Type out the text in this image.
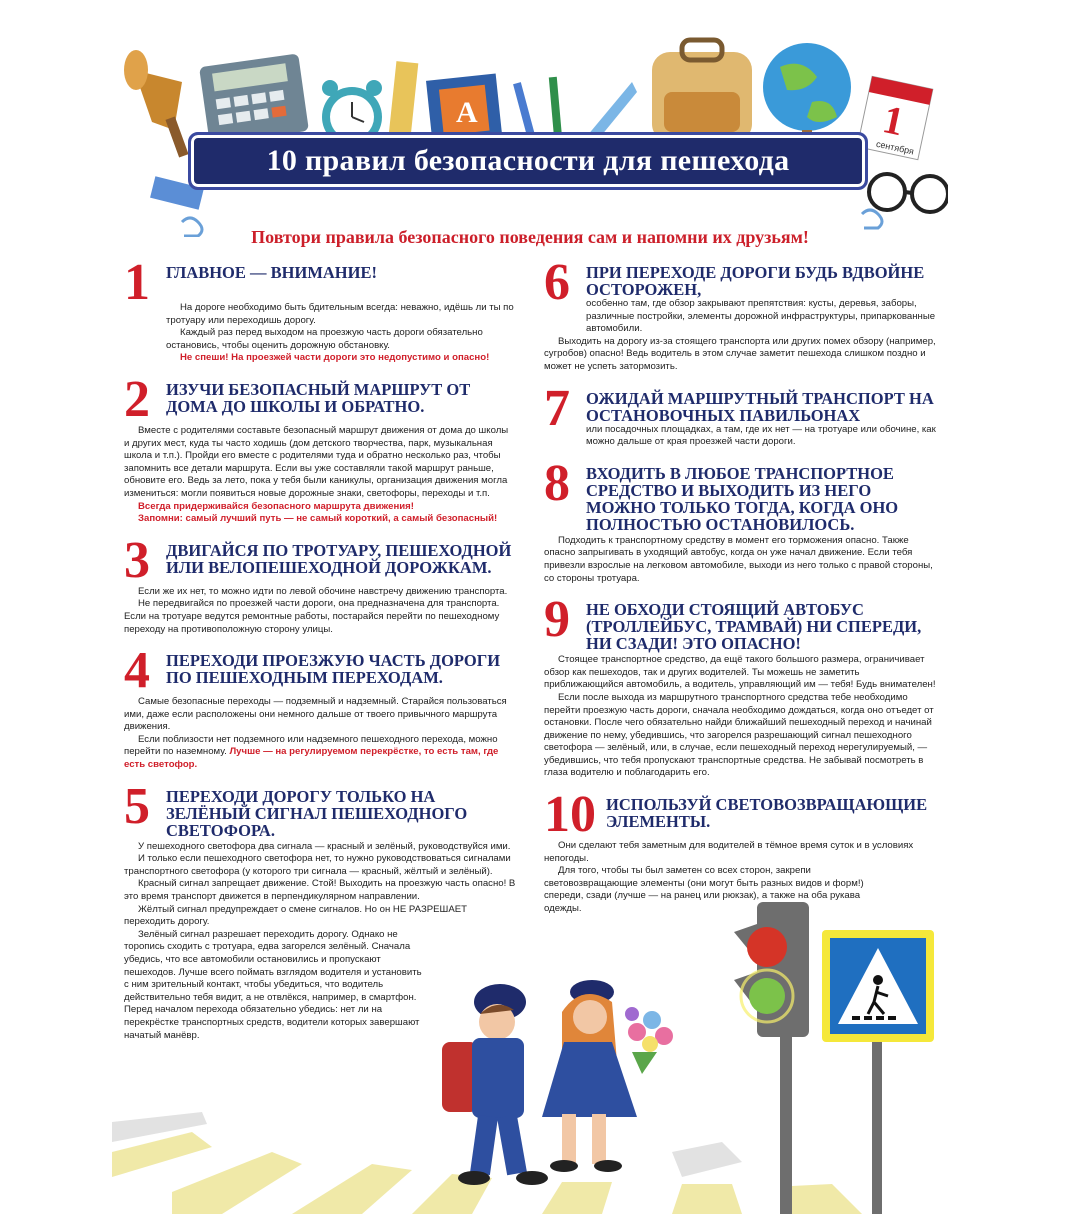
A	1
сентября
10 правил безопасности для пешехода
Повтори правила безопасного поведения сам и напомни их друзьям!
1 ГЛАВНОЕ — ВНИМАНИЕ!

На дороге необходимо быть бдительным всегда: неважно, идёшь ли ты по тротуару или переходишь дорогу.

Каждый раз перед выходом на проезжую часть дороги обязательно остановись, чтобы оценить дорожную обстановку.

Не спеши! На проезжей части дороги это недопустимо и опасно!

2 ИЗУЧИ БЕЗОПАСНЫЙ МАРШРУТ ОТ ДОМА ДО ШКОЛЫ И ОБРАТНО.

Вместе с родителями составьте безопасный маршрут движения от дома до школы и других мест, куда ты часто ходишь (дом детского творчества, парк, музыкальная школа и т.п.). Пройди его вместе с родителями туда и обратно несколько раз, чтобы запомнить все детали маршрута. Если вы уже составляли такой маршрут раньше, обновите его. Ведь за лето, пока у тебя были каникулы, организация движения могла измениться: могли появиться новые дорожные знаки, светофоры, переходы и т.п.

Всегда придерживайся безопасного маршрута движения!

Запомни: самый лучший путь — не самый короткий, а самый безопасный!

3 ДВИГАЙСЯ ПО ТРОТУАРУ, ПЕШЕХОДНОЙ ИЛИ ВЕЛОПЕШЕХОДНОЙ ДОРОЖКАМ.

Если же их нет, то можно идти по левой обочине навстречу движению транспорта.

Не передвигайся по проезжей части дороги, она предназначена для транспорта. Если на тротуаре ведутся ремонтные работы, постарайся перейти по пешеходному переходу на противоположную сторону улицы.

4 ПЕРЕХОДИ ПРОЕЗЖУЮ ЧАСТЬ ДОРОГИ ПО ПЕШЕХОДНЫМ ПЕРЕХОДАМ.

Самые безопасные переходы — подземный и надземный. Старайся пользоваться ими, даже если расположены они немного дальше от твоего привычного маршрута движения.

Если поблизости нет подземного или надземного пешеходного перехода, можно перейти по наземному. Лучше — на регулируемом перекрёстке, то есть там, где есть светофор.

5 ПЕРЕХОДИ ДОРОГУ ТОЛЬКО НА ЗЕЛЁНЫЙ СИГНАЛ ПЕШЕХОДНОГО СВЕТОФОРА.

У пешеходного светофора два сигнала — красный и зелёный, руководствуйся ими.

И только если пешеходного светофора нет, то нужно руководствоваться сигналами транспортного светофора (у которого три сигнала — красный, жёлтый и зелёный).

Красный сигнал запрещает движение. Стой! Выходить на проезжую часть опасно! В это время транспорт движется в перпендикулярном направлении.

Жёлтый сигнал предупреждает о смене сигналов. Но он НЕ РАЗРЕШАЕТ переходить дорогу.

Зелёный сигнал разрешает переходить дорогу. Однако не торопись сходить с тротуара, едва загорелся зелёный. Сначала убедись, что все автомобили остановились и пропускают пешеходов. Лучше всего поймать взглядом водителя и установить с ним зрительный контакт, чтобы убедиться, что водитель действительно тебя видит, а не отвлёкся, например, в смартфон. Перед началом перехода обязательно убедись: нет ли на перекрёстке транспортных средств, водители которых завершают начатый манёвр.

6 ПРИ ПЕРЕХОДЕ ДОРОГИ БУДЬ ВДВОЙНЕ ОСТОРОЖЕН,
особенно там, где обзор закрывают препятствия: кусты, деревья, заборы, различные постройки, элементы дорожной инфраструктуры, припаркованные автомобили.

Выходить на дорогу из-за стоящего транспорта или других помех обзору (например, сугробов) опасно! Ведь водитель в этом случае заметит пешехода слишком поздно и может не успеть затормозить.

7 ОЖИДАЙ МАРШРУТНЫЙ ТРАНСПОРТ НА ОСТАНОВОЧНЫХ ПАВИЛЬОНАХ
или посадочных площадках, а там, где их нет — на тротуаре или обочине, как можно дальше от края проезжей части дороги.
8 ВХОДИТЬ В ЛЮБОЕ ТРАНСПОРТНОЕ СРЕДСТВО И ВЫХОДИТЬ ИЗ НЕГО МОЖНО ТОЛЬКО ТОГДА, КОГДА ОНО ПОЛНОСТЬЮ ОСТАНОВИЛОСЬ.

Подходить к транспортному средству в момент его торможения опасно. Также опасно запрыгивать в уходящий автобус, когда он уже начал движение. Если тебя привезли взрослые на легковом автомобиле, выходи из него только с правой стороны, со стороны тротуара.

9 НЕ ОБХОДИ СТОЯЩИЙ АВТОБУС (ТРОЛЛЕЙБУС, ТРАМВАЙ) НИ СПЕРЕДИ, НИ СЗАДИ! ЭТО ОПАСНО!

Стоящее транспортное средство, да ещё такого большого размера, ограничивает обзор как пешеходов, так и других водителей. Ты можешь не заметить приближающийся автомобиль, а водитель, управляющий им — тебя! Будь внимателен!

Если после выхода из маршрутного транспортного средства тебе необходимо перейти проезжую часть дороги, сначала необходимо дождаться, когда оно отъедет от остановки. После чего обязательно найди ближайший пешеходный переход и начинай движение по нему, убедившись, что загорелся разрешающий сигнал пешеходного светофора — зелёный, или, в случае, если пешеходный переход нерегулируемый, — убедившись, что тебя пропускают транспортные средства. Не забывай посмотреть в глаза водителю и поблагодарить его.

10 ИСПОЛЬЗУЙ СВЕТОВОЗВРАЩАЮЩИЕ ЭЛЕМЕНТЫ.

Они сделают тебя заметным для водителей в тёмное время суток и в условиях непогоды.

Для того, чтобы ты был заметен со всех сторон, закрепи световозвращающие элементы (они могут быть разных видов и форм!) спереди, сзади (лучше — на ранец или рюкзак), а также на оба рукава одежды.
